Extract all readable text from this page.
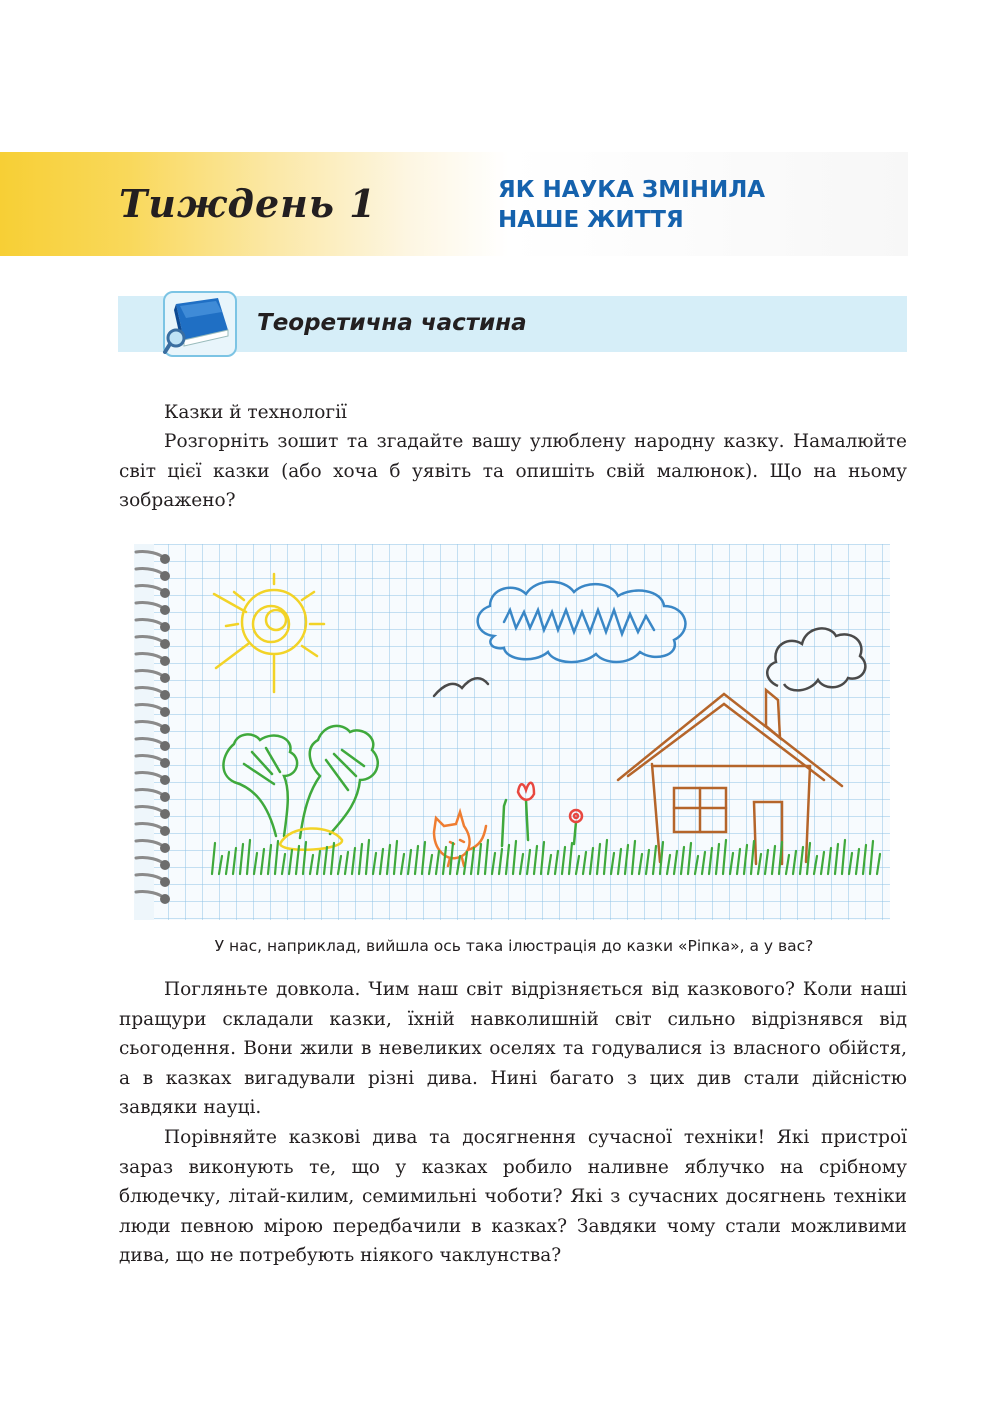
Тиждень 1	ЯК НАУКА ЗМІНИЛА
НАШЕ ЖИТТЯ
Теоретична частина

Казки й технології

Розгорніть зошит та згадайте вашу улюблену народну казку. Намалюйте світ цієї казки (або хоча б уявіть та опишіть свій малюнок). Що на ньому зображено?

У нас, наприклад, вийшла ось така ілюстрація до казки «Ріпка», а у вас?

Погляньте довкола. Чим наш світ відрізняється від казкового? Коли наші пращури складали казки, їхній навколишній світ сильно відрізнявся від сьогодення. Вони жили в невеликих оселях та годувалися із власного обійстя, а в казках вигадували різні дива. Нині багато з цих див стали дійсністю завдяки науці.

Порівняйте казкові дива та досягнення сучасної техніки! Які пристрої зараз виконують те, що у казках робило наливне яблучко на срібному блюдечку, літай-килим, семимильні чоботи? Які з сучасних досягнень техніки люди певною мірою передбачили в казках? Завдяки чому стали можливими дива, що не потребують ніякого чаклунства?
